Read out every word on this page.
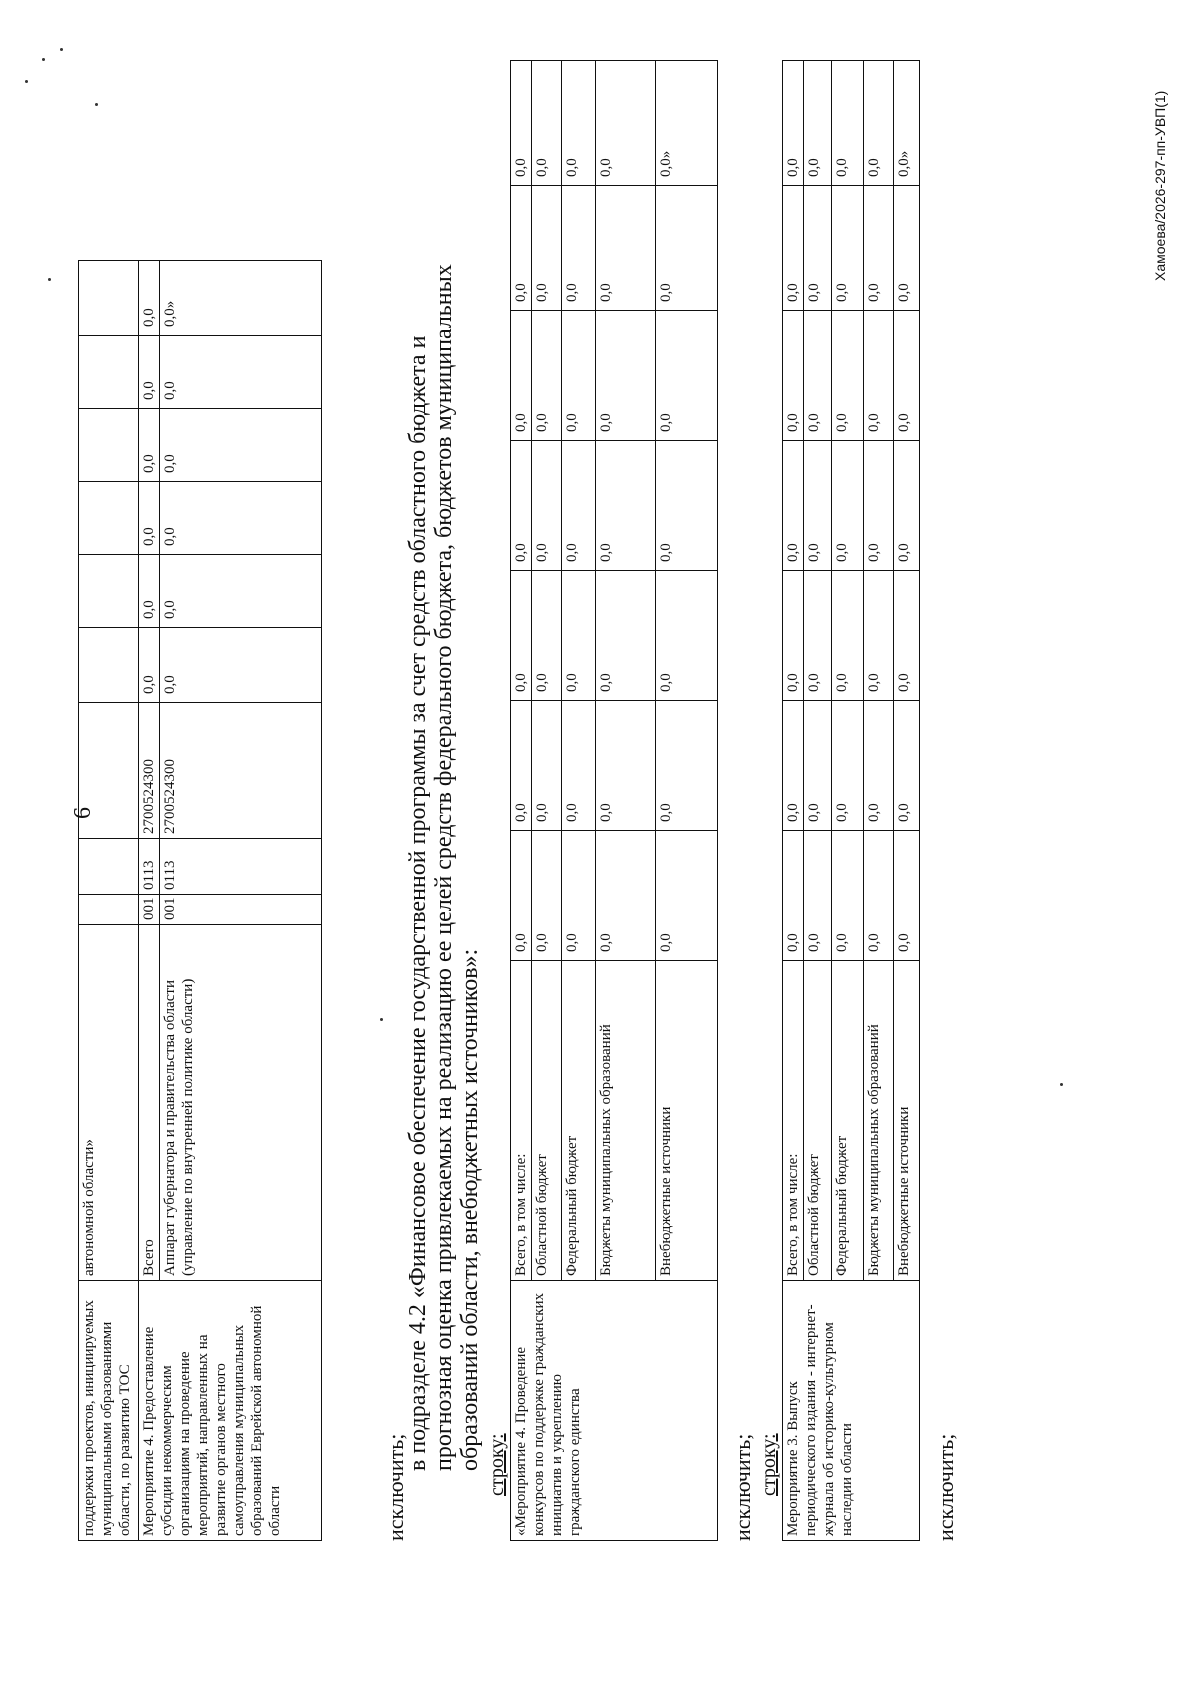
6
поддержки проектов, инициируемых муниципальными образованиями области, по развитию ТОС	автономной области»									
Мероприятие 4. Предоставление субсидии некоммерческим организациям на проведение мероприятий, направленных на развитие органов местного самоуправления муниципальных образований Еврейской автономной области	Всего	001	0113	2700524300	0,0	0,0	0,0	0,0	0,0	0,0
	Аппарат губернатора и правительства области (управление по внутренней политике области)	001	0113	2700524300	0,0	0,0	0,0	0,0	0,0	0,0»
исключить;
в подразделе 4.2 «Финансовое обеспечение государственной программы за счет средств областного бюджета и прогнозная оценка привлекаемых на реализацию ее целей средств федерального бюджета, бюджетов муниципальных образований области, внебюджетных источников»: строку: «Мероприятие 4. Проведение конкурсов по поддержке гражданских инициатив и укреплению гражданского единства	Всего, в том числе:	0,0	0,0	0,0	0,0	0,0	0,0	0,0
	Областной бюджет	0,0	0,0	0,0	0,0	0,0	0,0	0,0
	Федеральный бюджет	0,0	0,0	0,0	0,0	0,0	0,0	0,0
	Бюджеты муниципальных образований	0,0	0,0	0,0	0,0	0,0	0,0	0,0
	Внебюджетные источники	0,0	0,0	0,0	0,0	0,0	0,0	0,0»
исключить; строку: Мероприятие 3. Выпуск периодического издания - интернет-журнала об историко-культурном наследии области	Всего, в том числе:	0,0	0,0	0,0	0,0	0,0	0,0	0,0
	Областной бюджет	0,0	0,0	0,0	0,0	0,0	0,0	0,0
	Федеральный бюджет	0,0	0,0	0,0	0,0	0,0	0,0	0,0
	Бюджеты муниципальных образований	0,0	0,0	0,0	0,0	0,0	0,0	0,0
	Внебюджетные источники	0,0	0,0	0,0	0,0	0,0	0,0	0,0»
исключить;
Хамоева/2026-297-пп-УВП(1)
